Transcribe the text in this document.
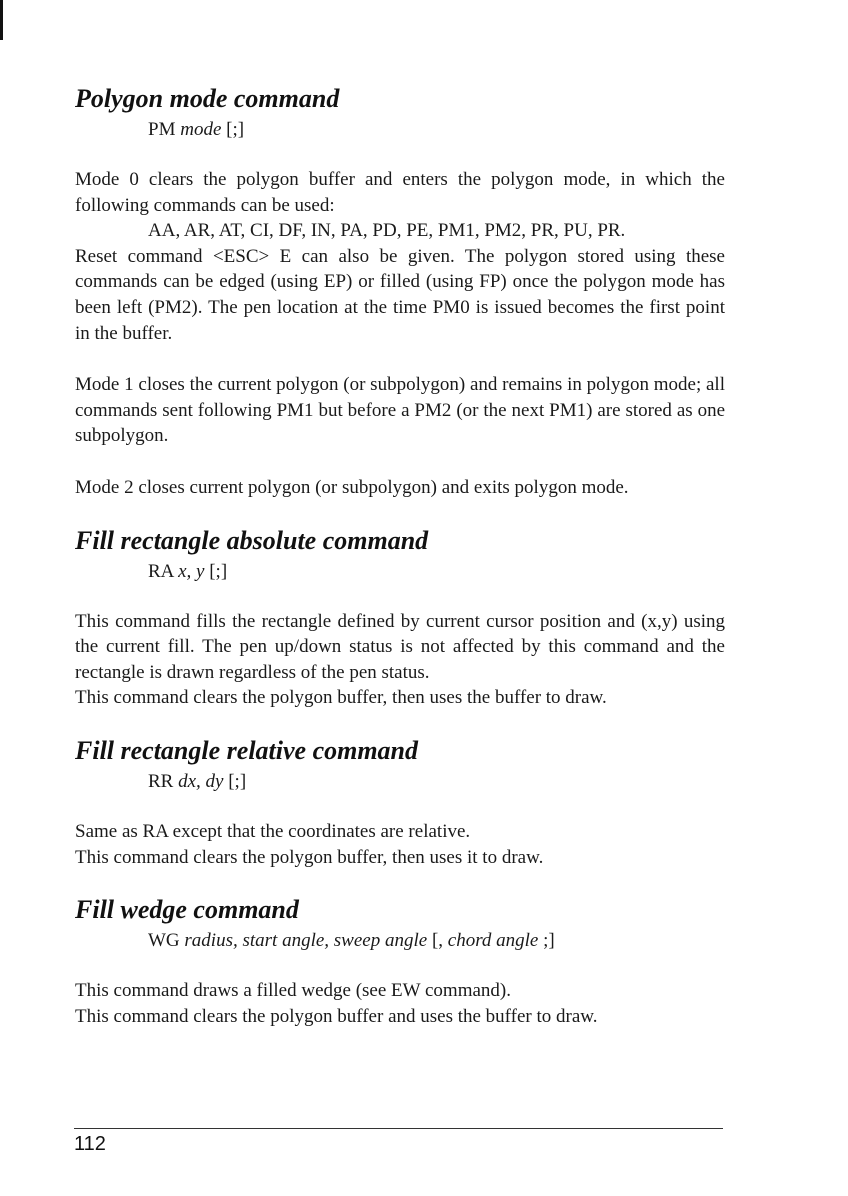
Polygon mode command
PM mode [;]

Mode 0 clears the polygon buffer and enters the polygon mode, in which the following commands can be used:

AA, AR, AT, CI, DF, IN, PA, PD, PE, PM1, PM2, PR, PU, PR.

Reset command <ESC> E can also be given. The polygon stored using these commands can be edged (using EP) or filled (using FP) once the polygon mode has been left (PM2). The pen location at the time PM0 is issued becomes the first point in the buffer.

Mode 1 closes the current polygon (or subpolygon) and remains in polygon mode; all commands sent following PM1 but before a PM2 (or the next PM1) are stored as one subpolygon.

Mode 2 closes current polygon (or subpolygon) and exits polygon mode.

Fill rectangle absolute command
RA x, y [;]

This command fills the rectangle defined by current cursor position and (x,y) using the current fill. The pen up/down status is not affected by this command and the rectangle is drawn regardless of the pen status.

This command clears the polygon buffer, then uses the buffer to draw.

Fill rectangle relative command
RR dx, dy [;]

Same as RA except that the coordinates are relative.

This command clears the polygon buffer, then uses it to draw.

Fill wedge command
WG radius, start angle, sweep angle [, chord angle ;]

This command draws a filled wedge (see EW command).

This command clears the polygon buffer and uses the buffer to draw.

112
